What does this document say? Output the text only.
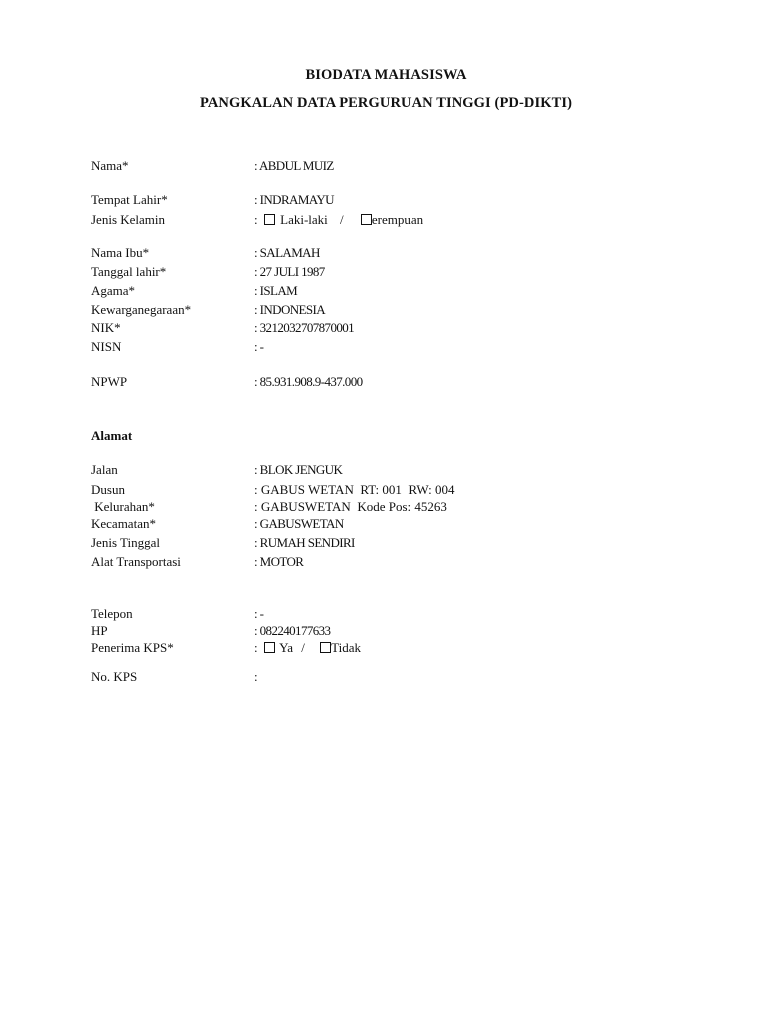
BIODATA MAHASISWA
PANGKALAN DATA PERGURUAN TINGGI (PD-DIKTI)
Nama*	: ABDUL MUIZ
Tempat Lahir*	: INDRAMAYU
Jenis Kelamin	: Laki-laki / erempuan
Nama Ibu*	: SALAMAH
Tanggal lahir*	: 27 JULI 1987
Agama*	: ISLAM
Kewarganegaraan*	: INDONESIA
NIK*	: 3212032707870001
NISN	: -
NPWP	: 85.931.908.9-437.000
Alamat
Jalan	: BLOK JENGUK
Dusun	: GABUS WETAN  RT: 001  RW: 004
Kelurahan*	: GABUSWETAN  Kode Pos: 45263
Kecamatan*	: GABUSWETAN
Jenis Tinggal	: RUMAH SENDIRI
Alat Transportasi	: MOTOR
Telepon	: -
HP	: 082240177633
Penerima KPS*	: Ya / Tidak
No. KPS	:
